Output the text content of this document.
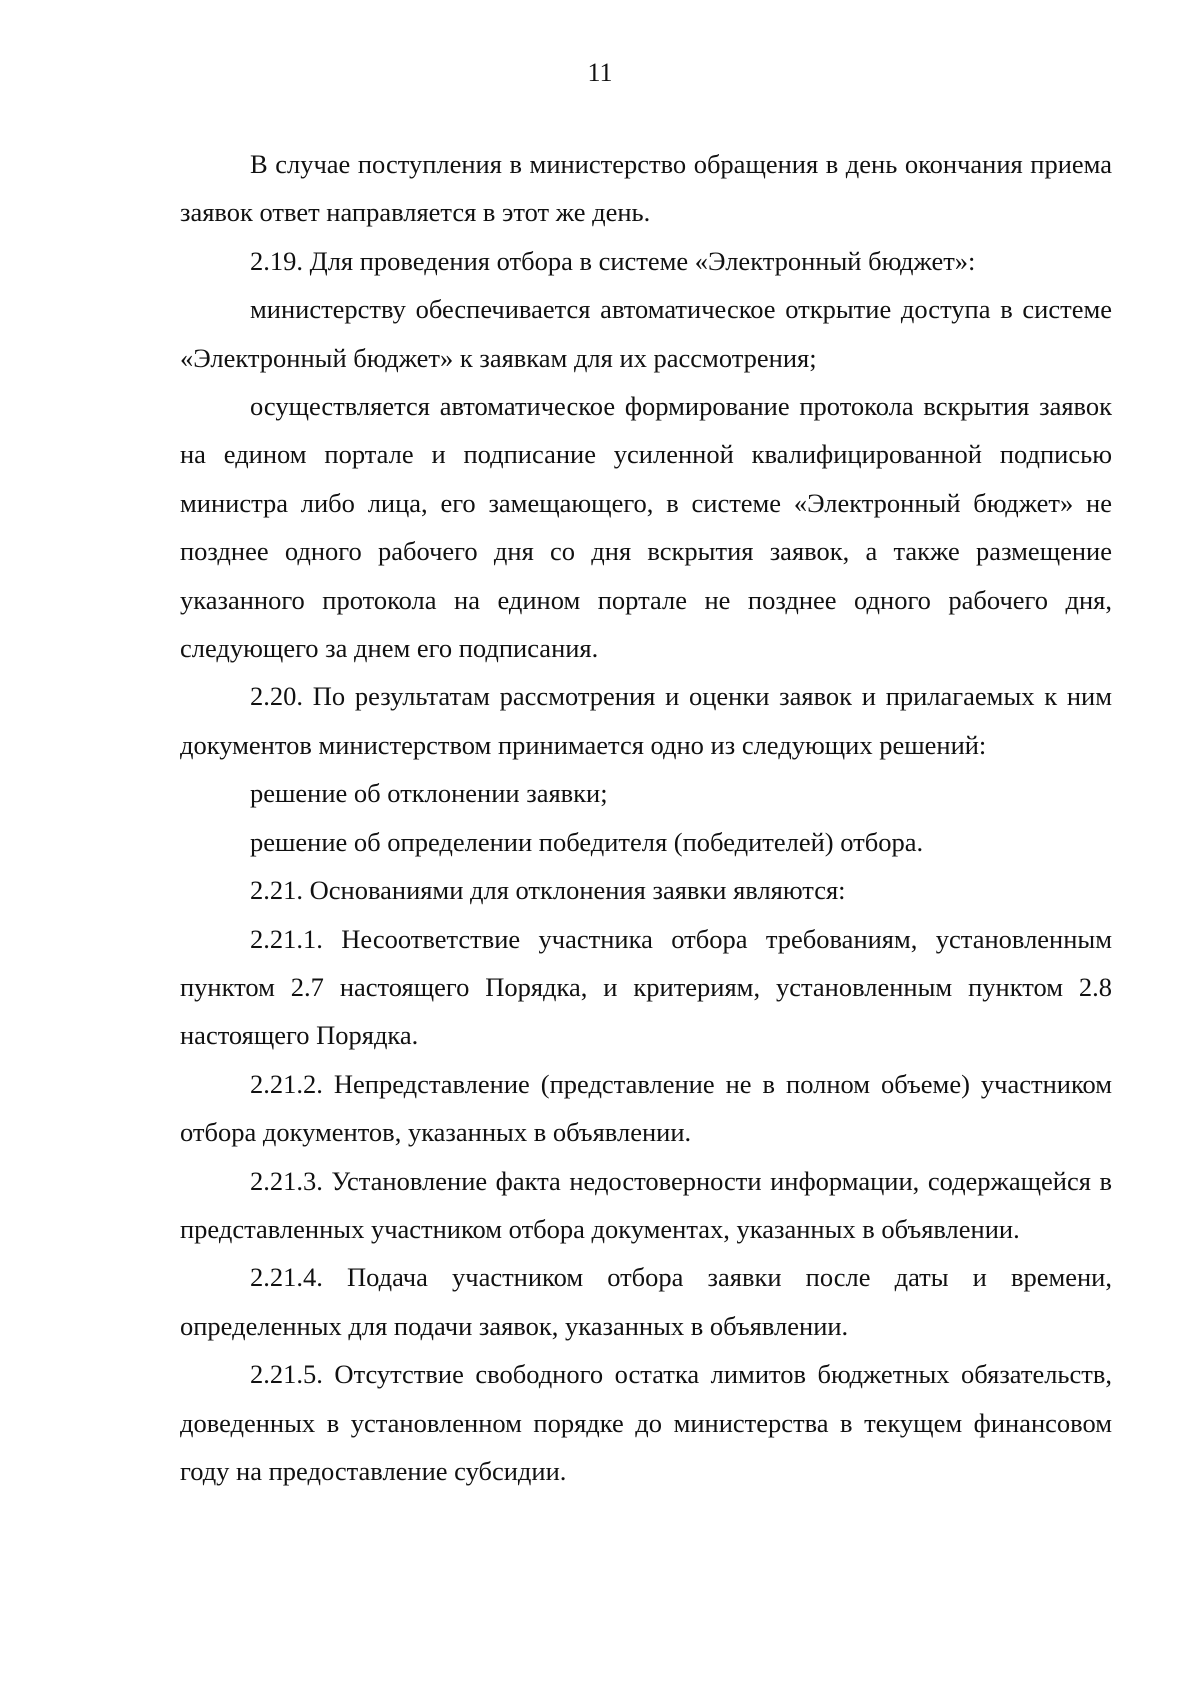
11

В случае поступления в министерство обращения в день окончания приема заявок ответ направляется в этот же день.

2.19. Для проведения отбора в системе «Электронный бюджет»:

министерству обеспечивается автоматическое открытие доступа в системе «Электронный бюджет» к заявкам для их рассмотрения;

осуществляется автоматическое формирование протокола вскрытия заявок на едином портале и подписание усиленной квалифицированной подписью министра либо лица, его замещающего, в системе «Электронный бюджет» не позднее одного рабочего дня со дня вскрытия заявок, а также размещение указанного протокола на едином портале не позднее одного рабочего дня, следующего за днем его подписания.

2.20. По результатам рассмотрения и оценки заявок и прилагаемых к ним документов министерством принимается одно из следующих решений:

решение об отклонении заявки;

решение об определении победителя (победителей) отбора.

2.21. Основаниями для отклонения заявки являются:

2.21.1. Несоответствие участника отбора требованиям, установленным пунктом 2.7 настоящего Порядка, и критериям, установленным пунктом 2.8 настоящего Порядка.

2.21.2. Непредставление (представление не в полном объеме) участником отбора документов, указанных в объявлении.

2.21.3. Установление факта недостоверности информации, содержащейся в представленных участником отбора документах, указанных в объявлении.

2.21.4. Подача участником отбора заявки после даты и времени, определенных для подачи заявок, указанных в объявлении.

2.21.5. Отсутствие свободного остатка лимитов бюджетных обязательств, доведенных в установленном порядке до министерства в текущем финансовом году на предоставление субсидии.
